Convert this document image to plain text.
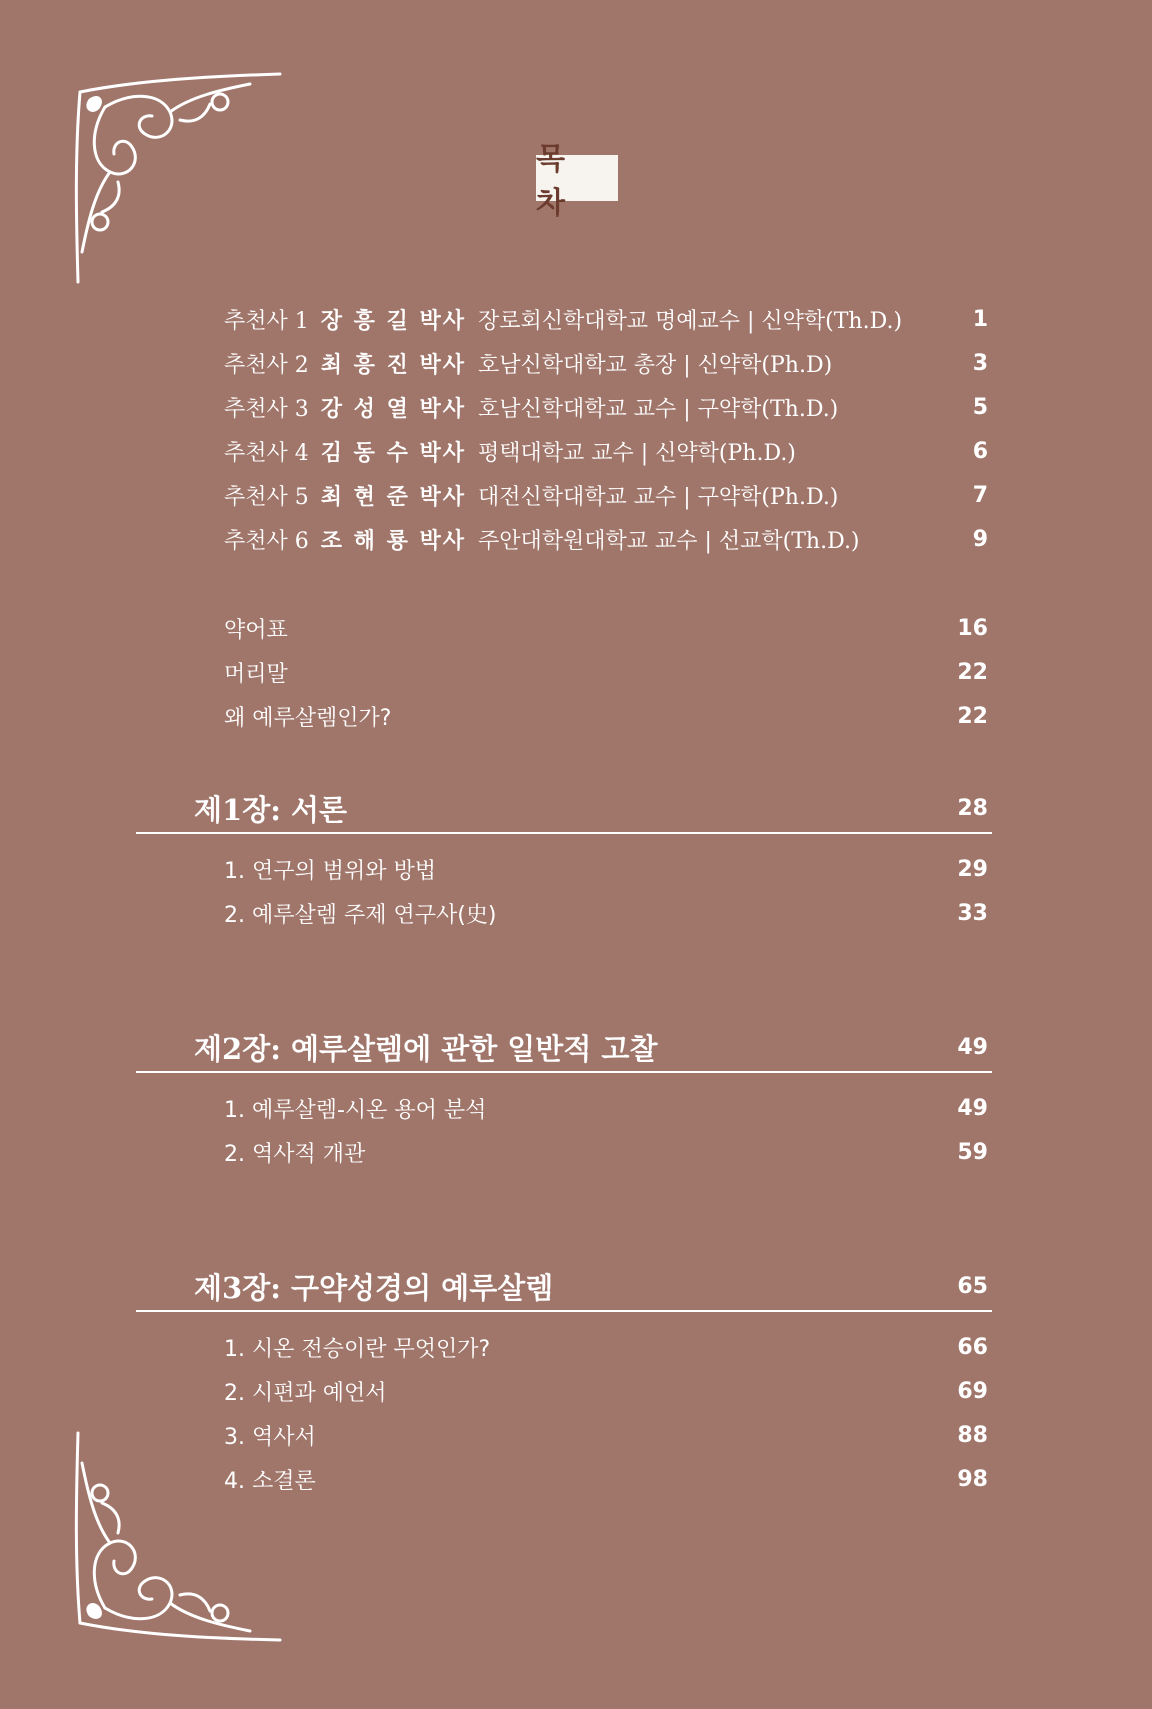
목 차
추천사 1 장 흥 길 박사 장로회신학대학교 명예교수 | 신약학(Th.D.)	1
추천사 2 최 흥 진 박사 호남신학대학교 총장 | 신약학(Ph.D)	3
추천사 3 강 성 열 박사 호남신학대학교 교수 | 구약학(Th.D.)	5
추천사 4 김 동 수 박사 평택대학교 교수 | 신약학(Ph.D.)	6
추천사 5 최 현 준 박사 대전신학대학교 교수 | 구약학(Ph.D.)	7
추천사 6 조 해 룡 박사 주안대학원대학교 교수 | 선교학(Th.D.)	9
약어표	16
머리말	22
왜 예루살렘인가?	22
제1장: 서론	28
1. 연구의 범위와 방법	29
2. 예루살렘 주제 연구사(史)	33
제2장: 예루살렘에 관한 일반적 고찰	49
1. 예루살렘-시온 용어 분석	49
2. 역사적 개관	59
제3장: 구약성경의 예루살렘	65
1. 시온 전승이란 무엇인가?	66
2. 시편과 예언서	69
3. 역사서	88
4. 소결론	98
